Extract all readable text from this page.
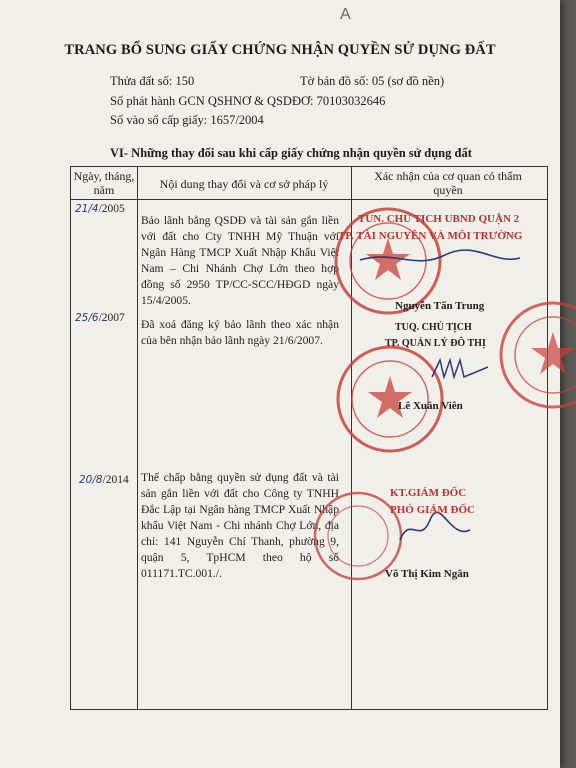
A
TRANG BỔ SUNG GIẤY CHỨNG NHẬN QUYỀN SỬ DỤNG ĐẤT
Thửa đất số: 150	Tờ bản đồ số: 05 (sơ đồ nền)
Số phát hành GCN QSHNƠ & QSDĐƠ: 70103032646
Số vào sổ cấp giấy: 1657/2004
VI- Những thay đổi sau khi cấp giấy chứng nhận quyền sử dụng đất
Ngày, tháng, năm	Nội dung thay đổi và cơ sở pháp lý
Xác nhận của cơ quan có thẩm quyền
21/4/2005
Bảo lãnh bằng QSDĐ và tài sản gắn liền với đất cho Cty TNHH Mỹ Thuận với Ngân Hàng TMCP Xuất Nhập Khẩu Việt Nam – Chi Nhánh Chợ Lớn theo hợp đồng số 2950 TP/CC-SCC/HĐGD ngày 15/4/2005.
25/6/2007 Đã xoá đăng ký bảo lãnh theo xác nhận của bên nhận bảo lãnh ngày 21/6/2007.
20/8/2014 Thế chấp bằng quyền sử dụng đất và tài sản gắn liền với đất cho Công ty TNHH Đắc Lập tại Ngân hàng TMCP Xuất Nhập khẩu Việt Nam - Chi nhánh Chợ Lớn, địa chỉ: 141 Nguyễn Chí Thanh, phường 9, quận 5, TpHCM theo hộ số 011171.TC.001./.
TUN. CHỦ TỊCH UBND QUẬN 2
TP. TÀI NGUYÊN VÀ MÔI TRƯỜNG
Nguyễn Tấn Trung
TUQ. CHỦ TỊCH
TP. QUẢN LÝ ĐÔ THỊ
Lê Xuân Viên
KT.GIÁM ĐỐC
PHÓ GIÁM ĐỐC
Võ Thị Kim Ngân
